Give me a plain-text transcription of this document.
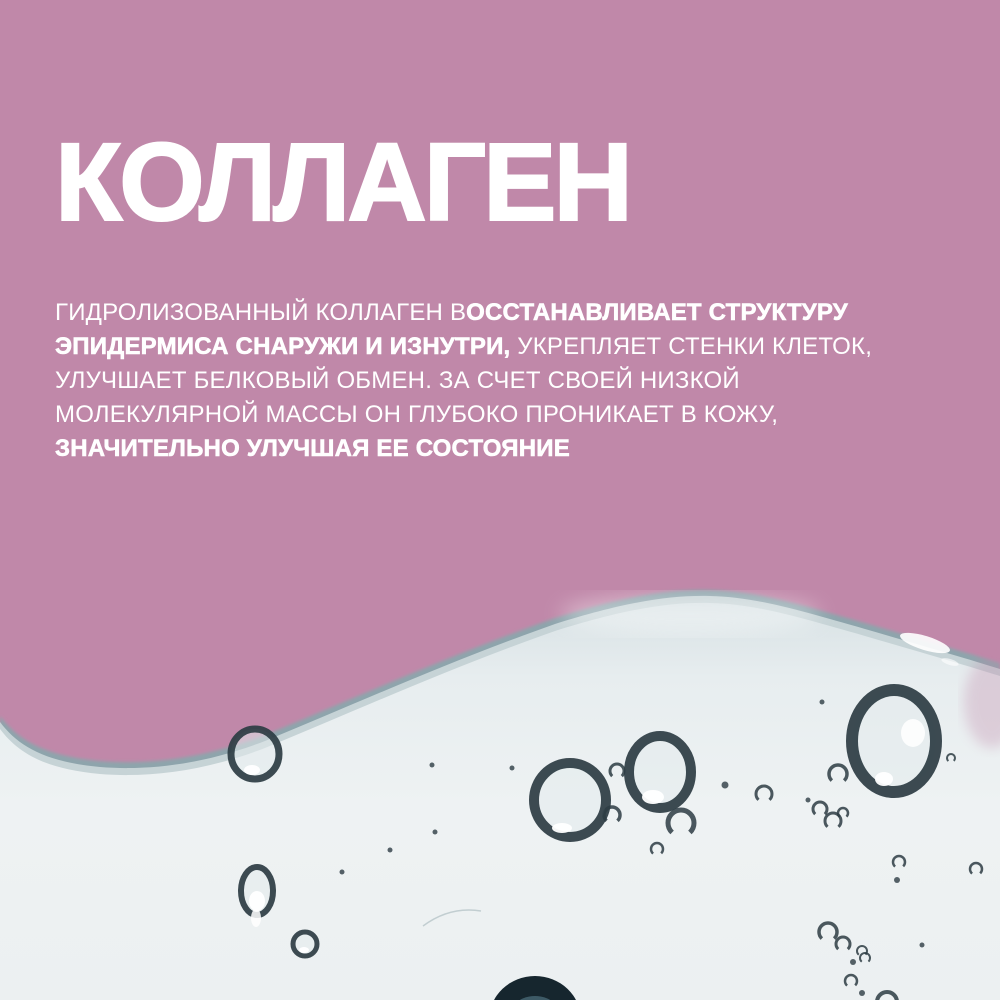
КОЛЛАГЕН
ГИДРОЛИЗОВАННЫЙ КОЛЛАГЕН ВОССТАНАВЛИВАЕТ СТРУКТУРУ
ЭПИДЕРМИСА СНАРУЖИ И ИЗНУТРИ, УКРЕПЛЯЕТ СТЕНКИ КЛЕТОК,
УЛУЧШАЕТ БЕЛКОВЫЙ ОБМЕН. ЗА СЧЕТ СВОЕЙ НИЗКОЙ
МОЛЕКУЛЯРНОЙ МАССЫ ОН ГЛУБОКО ПРОНИКАЕТ В КОЖУ,
ЗНАЧИТЕЛЬНО УЛУЧШАЯ ЕЕ СОСТОЯНИЕ
